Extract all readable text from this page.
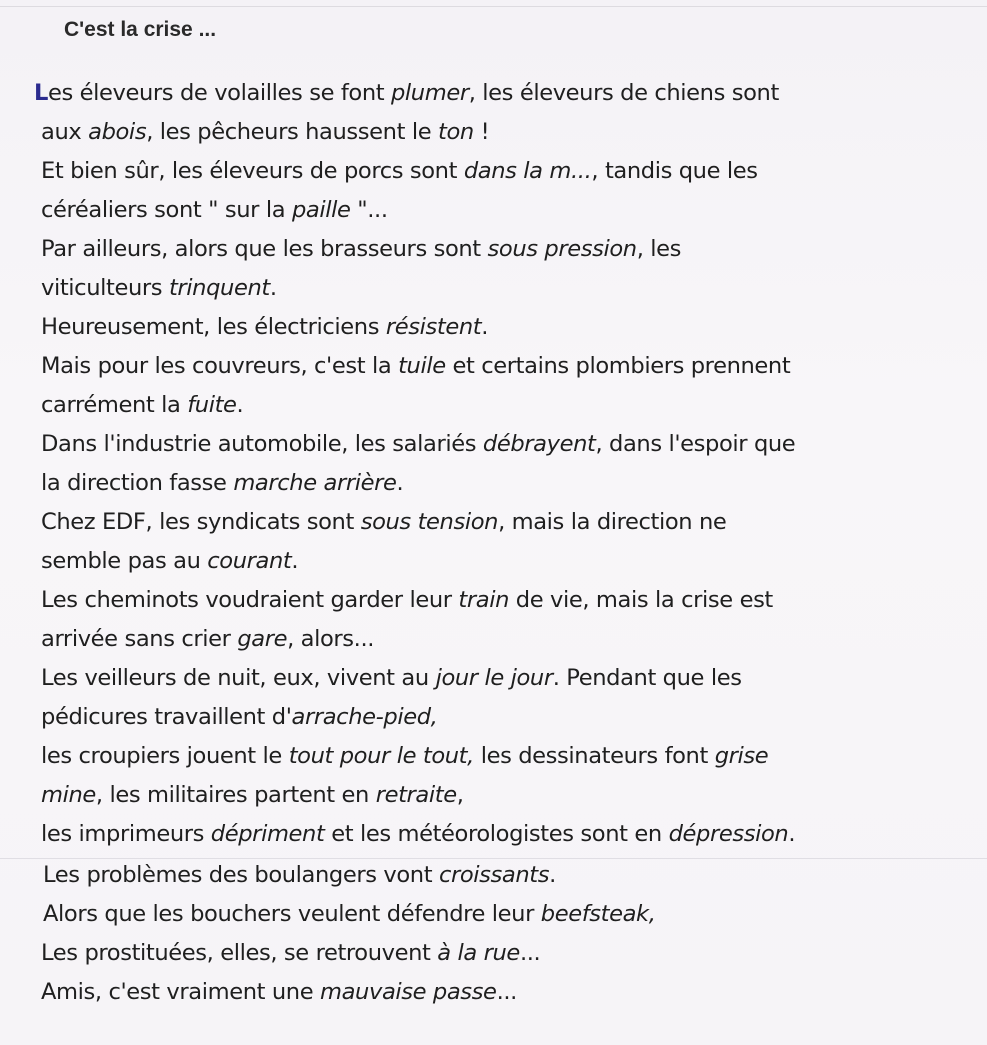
C'est la crise ...
Les éleveurs de volailles se font plumer, les éleveurs de chiens sont
aux abois, les pêcheurs haussent le ton !
Et bien sûr, les éleveurs de porcs sont dans la m..., tandis que les
céréaliers sont " sur la paille "...
Par ailleurs, alors que les brasseurs sont sous pression, les
viticulteurs trinquent.
Heureusement, les électriciens résistent.
Mais pour les couvreurs, c'est la tuile et certains plombiers prennent
carrément la fuite.
Dans l'industrie automobile, les salariés débrayent, dans l'espoir que
la direction fasse marche arrière.
Chez EDF, les syndicats sont sous tension, mais la direction ne
semble pas au courant.
Les cheminots voudraient garder leur train de vie, mais la crise est
arrivée sans crier gare, alors...
Les veilleurs de nuit, eux, vivent au jour le jour. Pendant que les
pédicures travaillent d'arrache-pied,
les croupiers jouent le tout pour le tout, les dessinateurs font grise
mine, les militaires partent en retraite,
les imprimeurs dépriment et les météorologistes sont en dépression.
Les problèmes des boulangers vont croissants.
Alors que les bouchers veulent défendre leur beefsteak,
Les prostituées, elles, se retrouvent à la rue...
Amis, c'est vraiment une mauvaise passe...
